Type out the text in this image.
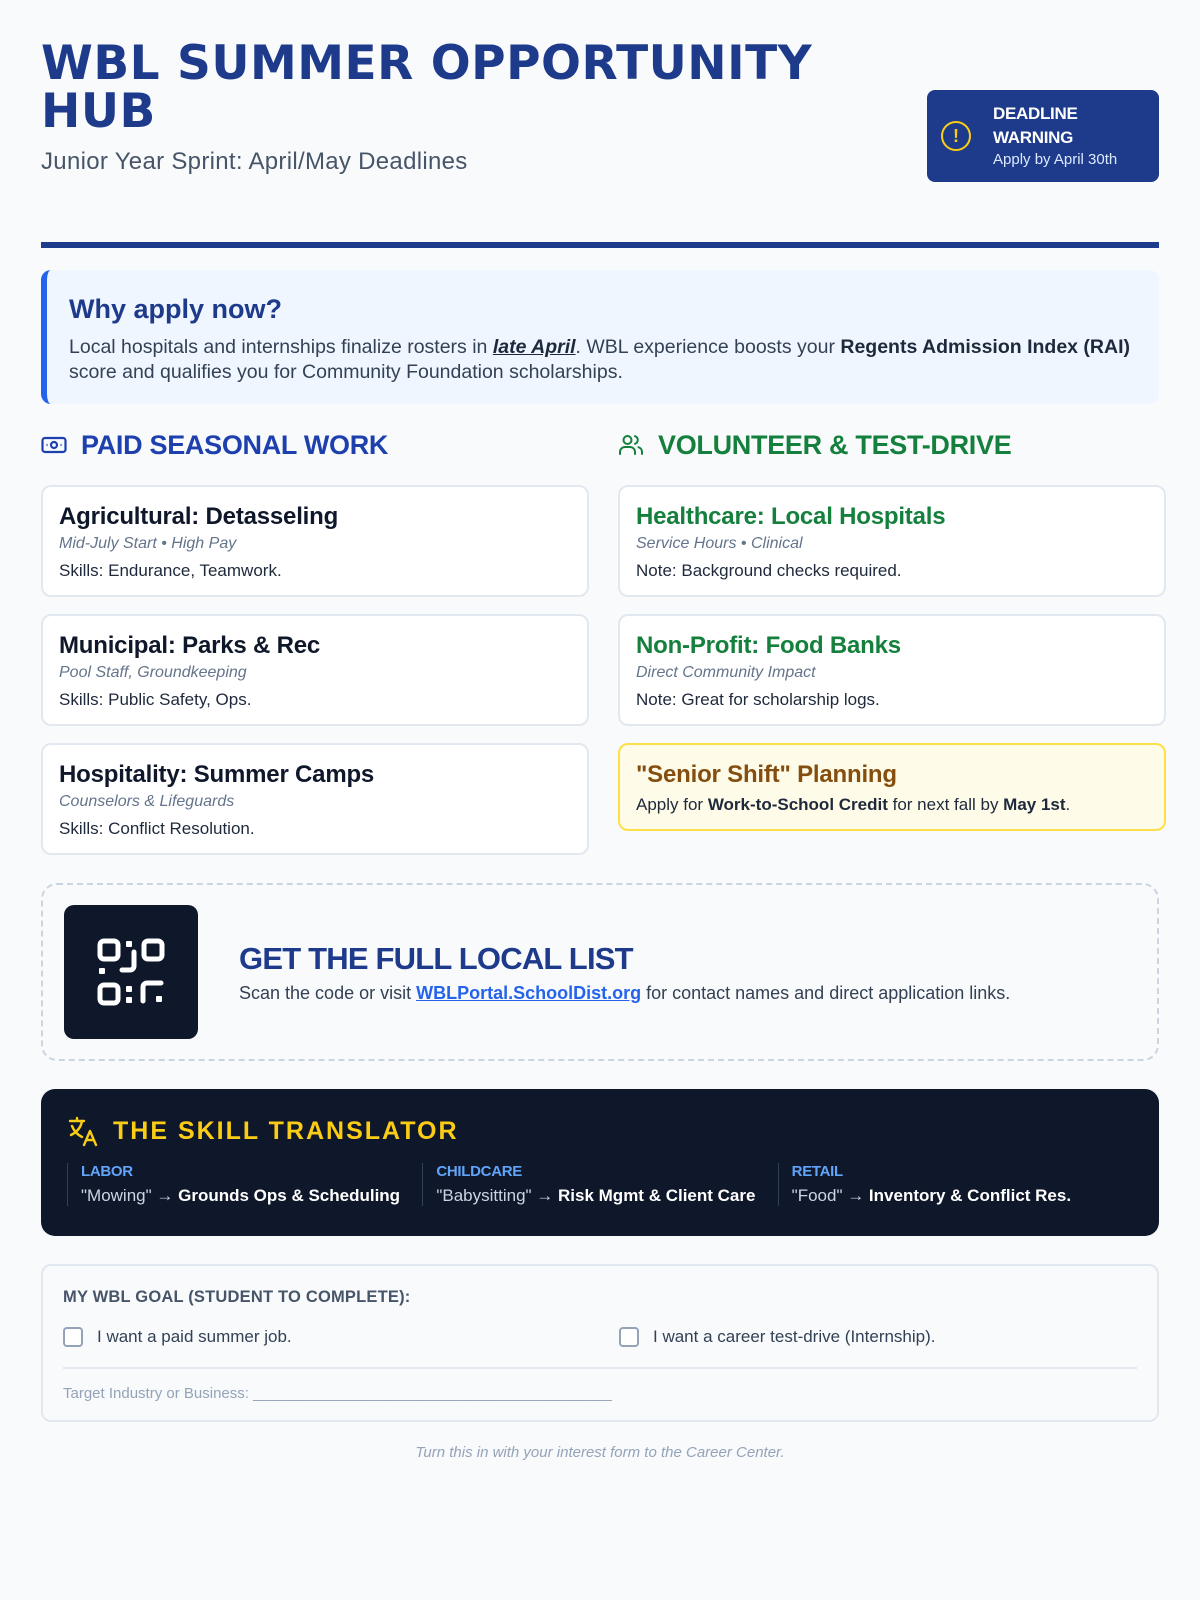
WBL SUMMER OPPORTUNITY HUB
Junior Year Sprint: April/May Deadlines
!
DEADLINE WARNING
Apply by April 30th
Why apply now?

Local hospitals and internships finalize rosters in late April. WBL experience boosts your Regents Admission Index (RAI) score and qualifies you for Community Foundation scholarships.

PAID SEASONAL WORK
Agricultural: Detasseling
Mid-July Start • High Pay
Skills: Endurance, Teamwork.
Municipal: Parks & Rec
Pool Staff, Groundkeeping
Skills: Public Safety, Ops.
Hospitality: Summer Camps
Counselors & Lifeguards
Skills: Conflict Resolution.
VOLUNTEER & TEST-DRIVE
Healthcare: Local Hospitals
Service Hours • Clinical
Note: Background checks required.
Non-Profit: Food Banks
Direct Community Impact
Note: Great for scholarship logs.
"Senior Shift" Planning
Apply for Work-to-School Credit for next fall by May 1st.
GET THE FULL LOCAL LIST

Scan the code or visit WBLPortal.SchoolDist.org for contact names and direct application links.

THE SKILL TRANSLATOR
LABOR
"Mowing" → Grounds Ops & Scheduling
CHILDCARE
"Babysitting" → Risk Mgmt & Client Care
RETAIL
"Food" → Inventory & Conflict Res.
MY WBL GOAL (STUDENT TO COMPLETE):
I want a paid summer job.	I want a career test-drive (Internship).
Target Industry or Business: ___________________________________________
Turn this in with your interest form to the Career Center.
